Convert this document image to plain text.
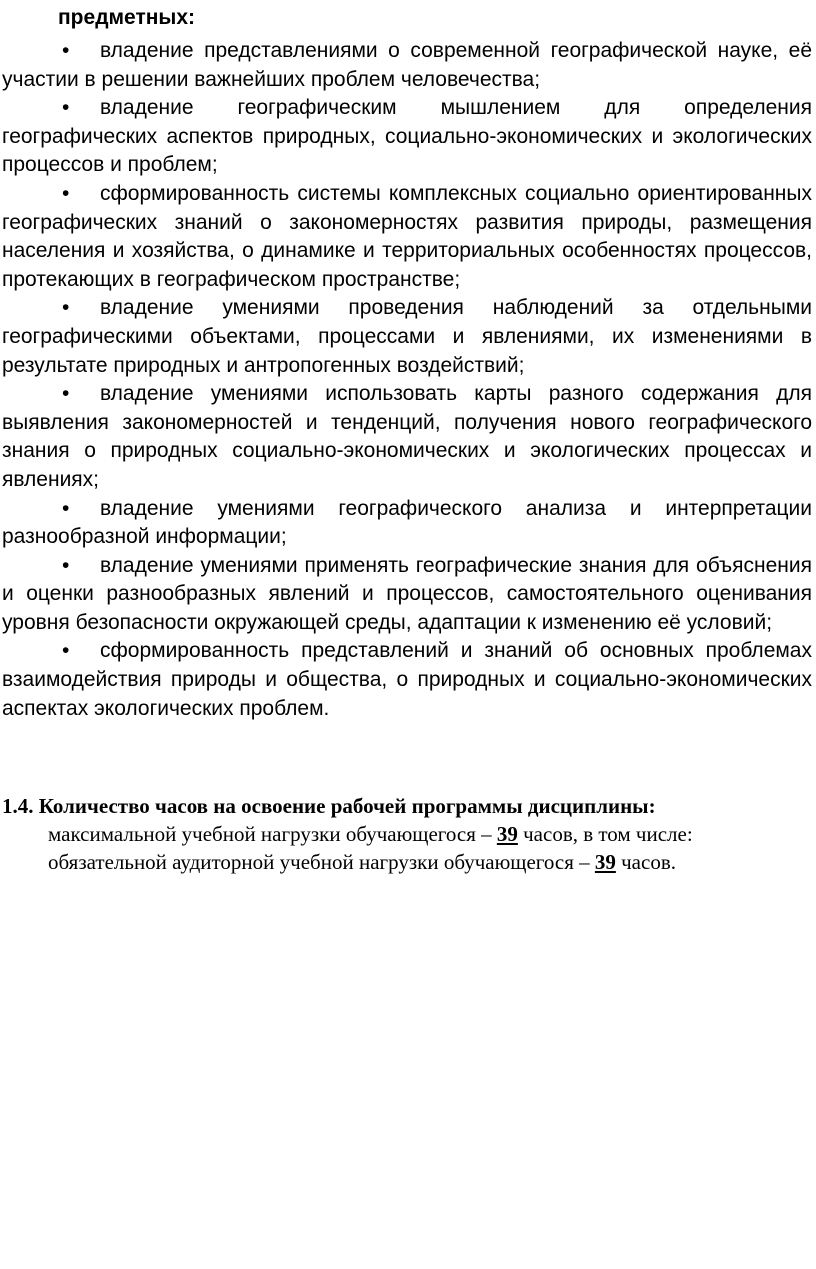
предметных:

• владение представлениями о современной географической науке, её участии в решении важнейших проблем человечества;
• владение географическим мышлением для определения географических аспектов природных, социально-экономических и экологических процессов и проблем;
• сформированность системы комплексных социально ориентированных географических знаний о закономерностях развития природы, размещения населения и хозяйства, о динамике и территориальных особенностях процессов, протекающих в географическом пространстве;
• владение умениями проведения наблюдений за отдельными географическими объектами, процессами и явлениями, их изменениями в результате природных и антропогенных воздействий;
• владение умениями использовать карты разного содержания для выявления закономерностей и тенденций, получения нового географического знания о природных социально-экономических и экологических процессах и явлениях;
• владение умениями географического анализа и интерпретации разнообразной информации;
• владение умениями применять географические знания для объяснения и оценки разнообразных явлений и процессов, самостоятельного оценивания уровня безопасности окружающей среды, адаптации к изменению её условий;
• сформированность представлений и знаний об основных проблемах взаимодействия природы и общества, о природных и социально-экономических аспектах экологических проблем.

1.4. Количество часов на освоение рабочей программы дисциплины:

максимальной учебной нагрузки обучающегося – 39 часов, в том числе:

обязательной аудиторной учебной нагрузки обучающегося – 39 часов.
